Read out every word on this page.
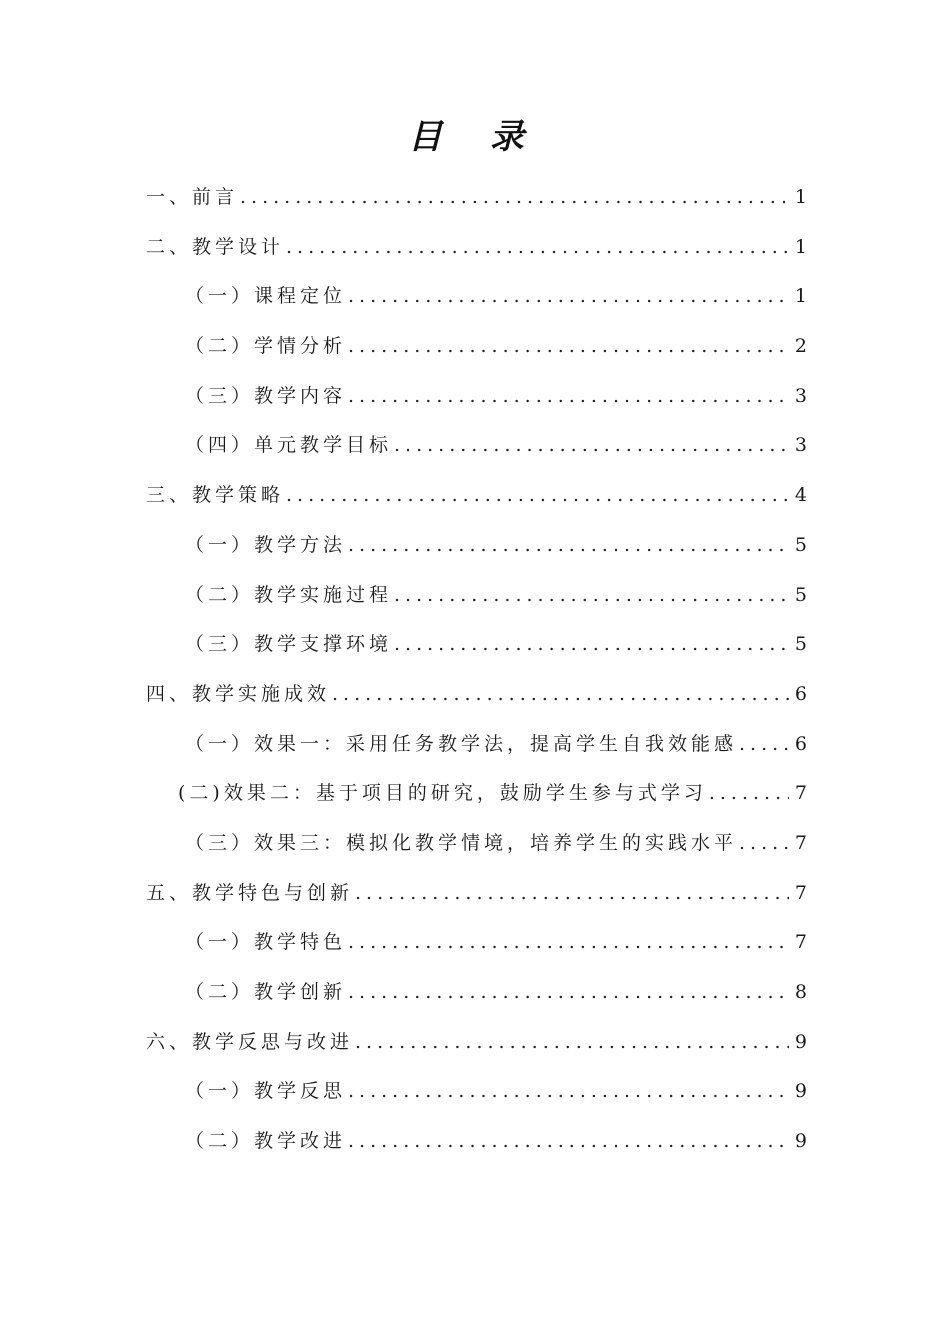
目 录
一、前言 .....	1
二、教学设计 .....	1
（一）课程定位 .....	1
（二）学情分析 .....	2
（三）教学内容 .....	3
（四）单元教学目标 .....	3
三、教学策略 .....	4
（一）教学方法 .....	5
（二）教学实施过程 .....	5
（三）教学支撑环境 .....	5
四、教学实施成效 .....	6
（一）效果一：采用任务教学法，提高学生自我效能感 .....	6
(二)效果二：基于项目的研究，鼓励学生参与式学习 .....	7
（三）效果三：模拟化教学情境，培养学生的实践水平 .....	7
五、教学特色与创新 .....	7
（一）教学特色 .....	7
（二）教学创新 .....	8
六、教学反思与改进 .....	9
（一）教学反思 .....	9
（二）教学改进 .....	9
